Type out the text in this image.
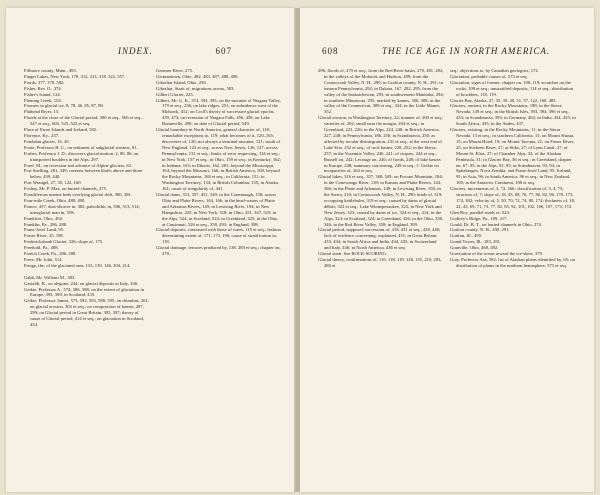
INDEX.	607

Fillmore county, Minn., 495.

Finger Lakes, New York, 178, 312, 313, 318, 322, 557.

Fiords, 377, 378, 582.

Fisher, Rev. O., 374.

Fisher's Island, 124.

Fleming Creek, 154.

Fissures in glacial ice, 8, 78, 46, 85, 87, 88.

Flathead River, 13.

Floods at the close of the Glacial period, 380 et seq., 506 et seq., 547 et seq., 603, 525–523 et seq.

Flora of Faroe Islands and Iceland, 582.

Florence, Ky., 237.

Fondalon glacier, 16, 20.

Foote, Professor H. C., on sediment of subglacial streams, 81.

Forbes, Professor J. D., discovers glacial motion, 2, 80, 86; on transported boulders in the Alps, 297.

Forel, M., on recession and advance of Alpine glaciers, 63.

Fort Snelling, 281, 349; contrast between bluffs above and those below, 439, 440.

Fort Wrangel, 27, 35, 122, 160.

Foshay, Mr. P. Max, on buried channels, 275.

Fossiliferous marine beds overlying glacial drift, 380, 381.

Four-mile Creek, Ohio, 488, 490.

France, 437; dust-shower in, 382; paleolithic in, 506, 513, 514; interglacial man in, 558.

Frankfort, Ohio, 492.

Franklin, Pa., 286, 288.

Franz-Josef Land, 95.

Fraser River, 25, 198.

Frederickshaab Glacier, 326; slope of, 175.

Freehold, Pa., 488.

French Creek, Pa., 286, 288.

Frere, Mr. John, 514.

Fringe, the, of the glaciated area, 133, 139, 146, 204, 214.

Gabb, Mr. William M., 383.

Gastaldi, B., on alegone, 244; on glacial deposits in Italy, 436.

Geikie, Professor A., 574, 386, 388; on the extent of glaciation in Europe, 393, 398; in Scotland, 433.

Geikie, Professor James, 573, 582, 583, 588, 595; on drumlins, 261; on glacial erosion, 303 et seq.; on composition of kames, 287, 299; on Glacial period in Great Britain, 395, 397; theory of cause of Glacial period, 414 et seq.; on glaciation in Scotland, 434.

Genesee River, 275.

Germantown, Ohio, 482, 483, 487, 488, 490.

Gibraltar Island, Ohio, 256.

Gibraltar, Strait of, migrations across, 583.

Gilbert Glacier, 225.

Gilbert, Mr. G. K., 374, 394, 395; on the moraine of Niagara Valley, 179 et seq., 236; on lake ridges, 251; on subsidence west of the Mohawk, 412; on Croll's theory of successive glacial epochs, 439, 473; on recession of Niagara Falls, 456, 458; on Lake Bonneville, 499; on date of Glacial period, 549.

Glacial boundary in North America, general character of, 118; remarkable exceptions to, 119; what becomes of it, 120–165; discoveres of, 120; not always a terminal moraine, 121; south of New England, 123 et seq.; across New Jersey, 126, 127; across Pennsylvania, 131 et seq.; limits of error respecting, 134 et seq.; in New York, 157 et seq.; in Ohio, 159 et seq.; in Kentucky, 162; in Indiana, 163; in Illinois, 162, 281; beyond the Mississippi, 164; beyond the Missouri, 166; in British America, 168; beyond the Rocky Mountains, 168 et seq.; in California, 151; in Washington Territory, 154; in British Columbia, 155; in Alaska, 161; cause of irregularity of, 441.

Glacial dams, 313, 357, 451, 549; in the Conemaugh, 158; across Ohio and Platte Rivers, 164, 166; in the head-waters of Platte and Arkansas Rivers, 149; in Lewising River, 194; in New Hampshire, 225; in New York, 318; in Ohio, 251, 347, 523; in the Alps, 524; in Scotland, 524; in Greenland, 325; in the Ohio, at Cincinnati, 326 et seq., 358, 493; in England, 398.

Glacial deposits, contrasted with those of water, 115 et seq.; fashion determining extent of, 171, 173, 190; cause of stratification in, 118.

Glacial drainage, terraces produced by, 138, 283 et seq.; chapter on, 278–

608	THE ICE AGE IN NORTH AMERICA.

296; floods of, 279 et seq.; from the Red River basin, 279, 281, 282; in the valleys of the Mohawk and Hudson, 289; from the Contoocook Valley, N. H., 290; in Grafton county, N. H., 291; in eastern Pennsylvania, 292; in Dakota, 167, 292, 295; from the valley of the Saskatchewan, 293; in southwestern Manitoba, 294; in southern Minnesota, 295; marked by kames, 300, 308; in the valley of the Connecticut, 308 et seq., 324; in the Little Miami, 352.

Glacial erosion, in Washington Territory, 22; manner of, 200 et seq.; varieties of, 202; small near the margin, 204 et seq.; in Greenland, 223, 226; in the Alps, 224, 248; in British America, 227, 248; in Pennsylvania, 186, 250; in Scandinavia, 250; as affected by secular disintegration, 231 et seq.; at the west end of Lake Erie, 252 et seq.; of rock basins, 228, 252; in the Sierra, 257; in the Yosemite Valley, 246, 241; of cirques, 244 et seq.; Russell on, 242; Lecouge on, 246; of fiords, 248; of lake basins in Europe, 248; summary concerning, 249 et seq.; J. Geikie on incapacities of, 264 et seq.

Glacial lakes, 316 et seq., 357, 368, 549; on Pocono Mountain, 184; in the Conewango River, 139; in Kansas and Platte Rivers, 144, 366; in the Platte and Arkansas, 149; in Lewising River, 194; in the Sierra, 210; in Contoocook Valley, N. H., 290; kinds of, 319; occupying kettleholes, 319 et seq.; caused by dams of glacial débris, 322 et seq.; Lake Winnepesaukee, 323; in New York and New Jersey, 323; caused by dams of ice, 324 et seq., 414; in the Alps, 324; in Scotland, 324; in Greenland, 326; in the Ohio, 330, 346; in the Red River Valley, 358; in England, 399.

Glacial period, supposed succession of, 418, 431 et seq., 438, 448; lack of evidence concerning, explained, 431; in Great Britain, 433, 434; in South Africa and India, 434, 435; in Switzerland and Italy, 436; in North America, 436 et seq.

Glacial striæ. See ROCK-SCORING.

Glacial theory, confirmations of, 116, 118, 119, 128, 155, 210, 283, 286 et

seq.; objections to, by Canadian geologists, 172.

Glaciation, probable causes of, 573 et seq.

Glaciation, signs of former, chapter on, 108–119; scratches on the rocks, 109 et seq.; unstratified deposits, 114 et seq.; distribution of bowlders, 118, 119.

Glacier Bay, Alaska, 27, 35, 39, 40, 51, 57, 122, 160, 485.

Glaciers, ancient, in the Rocky Mountains, 188; in the Sierra Nevada, 149 et seq.; in the British Isles, 393, 394, 396 et seq., 433; in Scandinavia, 393; in Germany, 402; in India, 434, 435; in South Africa, 435; in the Andes, 437.

Glaciers, existing, in the Rocky Mountains, 11; in the Sierra Nevada, 13 et seq.; in southern California, 15; on Mount Shasta, 15; on Mount Hood, 19; on Mount Tacoma, 21; on Fraser River, 25; on Stickeen River, 27; at Sitka, 27; of Lynn Canal, 27; of Mount St. Elias, 27; of Chamber Alps, 32; of the Alaskan Peninsula, 31; in Glacier Bay, 36 et seq.; in Greenland, chapter on, 67–95; in the Alps, 92, 95; in Scandinavia, 93, 94; in Spitzbergen, Nova Zembla, and Franz-Josef Land, 95; Iceland, 95; in Asia, 96; in South America, 96 et seq.; in New Zealand, 100; in the Antarctic Continent, 100 et seq.

Glaciers, movements of, 3, 72, 266; classification of, 3, 4, 73; structure of, 7; slope of, 18, 43, 68, 70, 77, 80, 82, 96, 170, 173, 174, 302; velocity of, 5, 50, 70, 72, 74, 80, 174; thickness of, 18, 22, 43, 69, 71, 73, 77, 82, 83, 92, 101, 102, 106, 107, 173, 174.

Glen Roy, parallel roads of, 524.

Godfrey's Ridge, Pa., 189, 217.

Gould, Dr. B. T., on buried channels in Ohio, 274.

Grafton county, N. H., 290, 291.

Grafton, Ill., 495.

Grand Tower, Ill., 183, 281.

Granville, Ohio, 468, 492.

Gravitation of the ocean toward the ice-sheet, 379.

Gray, Professor Asa, 582; list of Alaskan plants identified by, 65; on distribution of plants in the northern hemisphere, 573 et seq.
